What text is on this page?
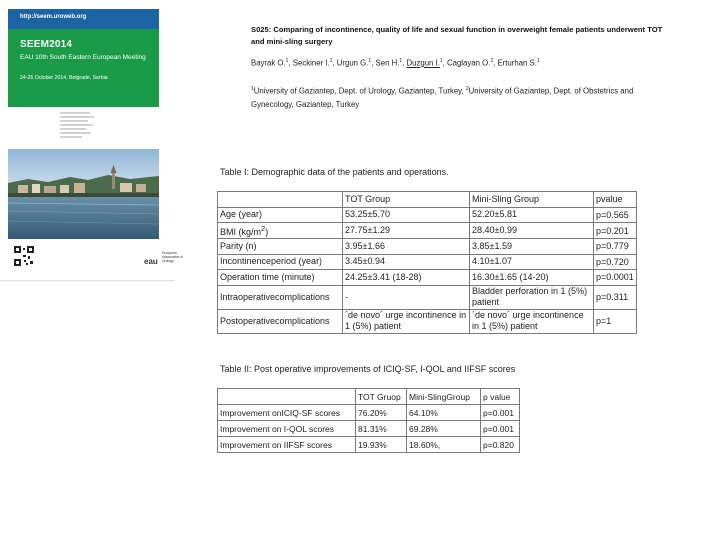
http://seem.uroweb.org
SEEM2014
EAU 10th South Eastern European Meeting
24-26 October 2014, Belgrade, Serbia
eau
European Association of Urology
S025: Comparing of incontinence, quality of life and sexual function in overweight female patients underwent TOT and mini-sling surgery
Bayrak O.$^1$, Seckiner I.$^1$, Urgun G.$^1$, Sen H.$^1$, Duzgun I.$^1$, Caglayan O.$^2$, Erturhan S.$^1$
$^1$University of Gaziantep, Dept. of Urology, Gaziantep, Turkey, $^2$University of Gaziantep, Dept. of Obstetrics and Gynecology, Gaziantep, Turkey
Table I: Demographic data of the patients and operations.
	TOT Group	Mini-Sling Group	pvalue
Age (year)	53.25±5.70	52.20±5.81	p=0.565
BMI $(kg/m^2)$	27.75±1.29	28.40±0.99	p=0.201
Parity (n)	3.95±1.66	3.85±1.59	p=0.779
Incontinenceperiod (year)	3.45±0.94	4.10±1.07	p=0.720
Operation time (minute)	24.25±3.41 (18-28)	16.30±1.65 (14-20)	p=0.0001
Intraoperativecomplications	-	Bladder perforation in 1 (5%) patient	p=0.311
Postoperativecomplications	´de novo´ urge incontinence in 1 (5%) patient	´de novo´ urge incontinence in 1 (5%) patient	p=1
Table II: Post operative improvements of ICIQ-SF, I-QOL and IIFSF scores
	TOT Gruop	Mini-SlingGroup	p value
Improvement onICIQ-SF scores	76.20%	64.10%	p=0.001
Improvement on I-QOL scores	81.31%	69.28%	p=0.001
Improvement on IIFSF scores	19.93%	18.60%,	p=0.820
